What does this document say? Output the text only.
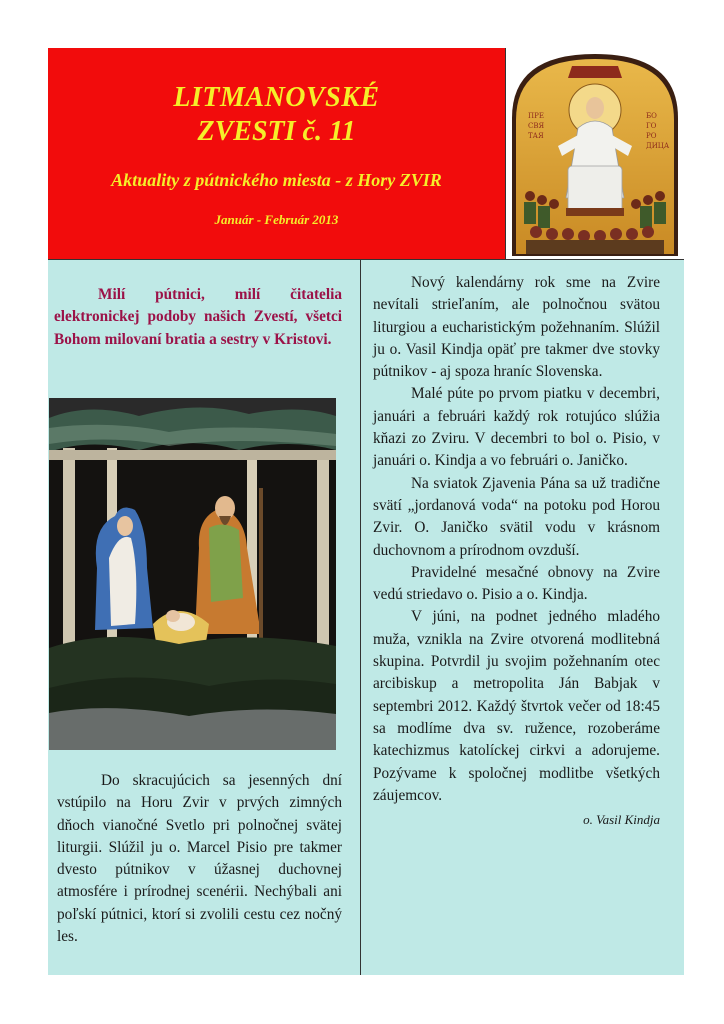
LITMANOVSKÉ
ZVESTI č. 11
Aktuality z pútnického miesta - z Hory ZVIR
Január - Február 2013
ПРЕ
СВЯ
ТАЯ
БО
ГО
РО
ДИЦА

Milí pútnici, milí čitatelia elektronickej podoby našich Zvestí, všetci Bohom milovaní bratia a sestry v Kristovi.

Do skracujúcich sa jesenných dní vstúpilo na Horu Zvir v prvých zimných dňoch vianočné Svetlo pri polnočnej svätej liturgii. Slúžil ju o. Marcel Pisio pre takmer dvesto pútnikov v úžasnej duchovnej atmosfére i prírodnej scenérii. Nechýbali ani poľskí pútnici, ktorí si zvolili cestu cez nočný les.

Nový kalendárny rok sme na Zvire nevítali strieľaním, ale polnočnou svätou liturgiou a eucharistickým požehnaním. Slúžil ju o. Vasil Kindja opäť pre takmer dve stovky pútnikov - aj spoza hraníc Slovenska.

Malé púte po prvom piatku v decembri, januári a februári každý rok rotujúco slúžia kňazi zo Zviru. V decembri to bol o. Pisio, v januári o. Kindja a vo februári o. Janičko.

Na sviatok Zjavenia Pána sa už tradične svätí „jordanová voda“ na potoku pod Horou Zvir. O. Janičko svätil vodu v krásnom duchovnom a prírodnom ovzduší.

Pravidelné mesačné obnovy na Zvire vedú striedavo o. Pisio a o. Kindja.

V júni, na podnet jedného mladého muža, vznikla na Zvire otvorená modlitebná skupina. Potvrdil ju svojim požehnaním otec arcibiskup a metropolita Ján Babjak v septembri 2012. Každý štvrtok večer od 18:45 sa modlíme dva sv. ružence, rozoberáme katechizmus katolíckej cirkvi a adorujeme. Pozývame k spoločnej modlitbe všetkých záujemcov.

o. Vasil Kindja
